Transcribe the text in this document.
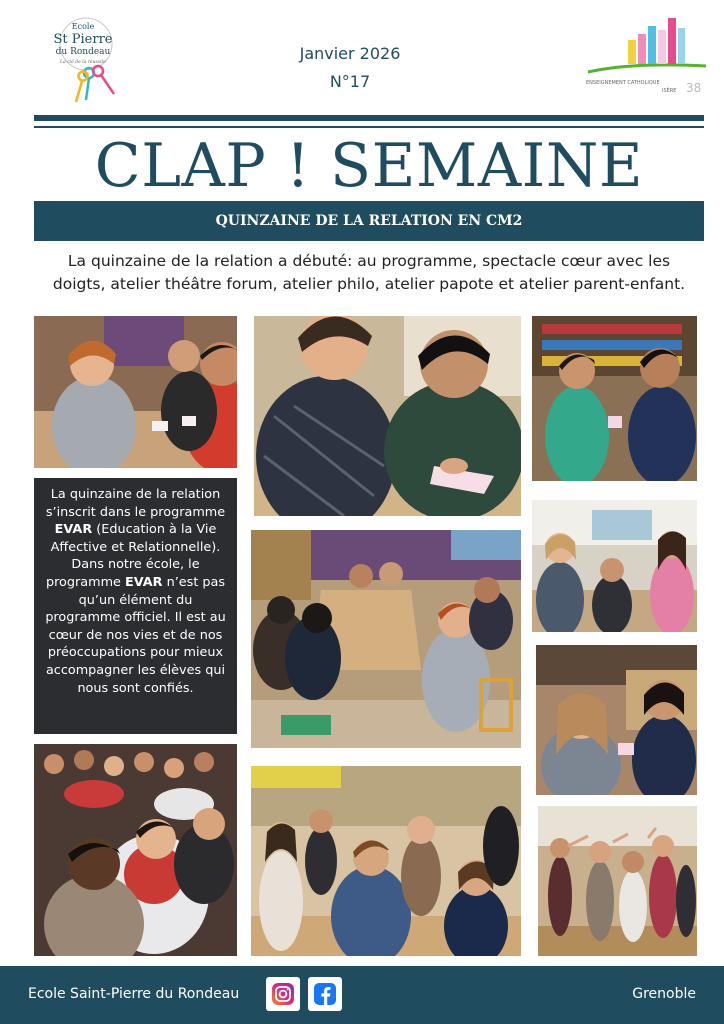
Ecole
St Pierre
du Rondeau
La clé de la réussite	Janvier 2026
N°17	ENSEIGNEMENT CATHOLIQUE
ISÈRE 38
CLAP ! SEMAINE
QUINZAINE DE LA RELATION EN CM2
La quinzaine de la relation a débuté: au programme, spectacle cœur avec les
doigts, atelier théâtre forum, atelier philo, atelier papote et atelier parent-enfant.
La quinzaine de la relation s’inscrit dans le programme EVAR (Education à la Vie Affective et Relationnelle). Dans notre école, le programme EVAR n’est pas qu’un élément du programme officiel. Il est au cœur de nos vies et de nos préoccupations pour mieux accompagner les élèves qui nous sont confiés.
Ecole Saint-Pierre du Rondeau	Grenoble
